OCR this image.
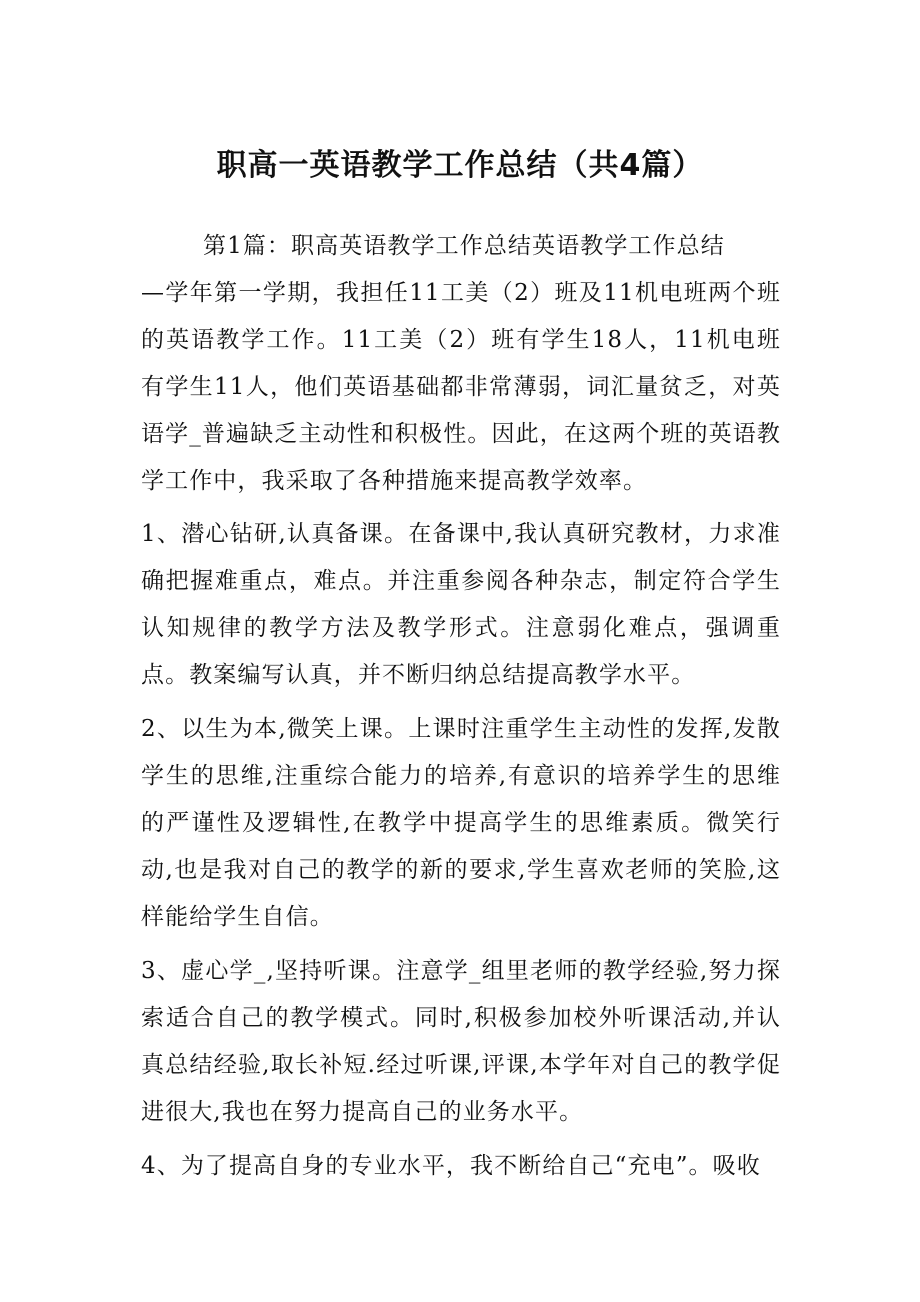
职高一英语教学工作总结（共4篇）

第1篇：职高英语教学工作总结英语教学工作总结

—学年第一学期，我担任11工美（2）班及11机电班两个班的英语教学工作。11工美（2）班有学生18人，11机电班有学生11人，他们英语基础都非常薄弱，词汇量贫乏，对英语学_普遍缺乏主动性和积极性。因此，在这两个班的英语教学工作中，我采取了各种措施来提高教学效率。

1、潜心钻研,认真备课。在备课中,我认真研究教材，力求准确把握难重点，难点。并注重参阅各种杂志，制定符合学生认知规律的教学方法及教学形式。注意弱化难点，强调重点。教案编写认真，并不断归纳总结提高教学水平。

2、以生为本,微笑上课。上课时注重学生主动性的发挥,发散学生的思维,注重综合能力的培养,有意识的培养学生的思维的严谨性及逻辑性,在教学中提高学生的思维素质。微笑行动,也是我对自己的教学的新的要求,学生喜欢老师的笑脸,这样能给学生自信。

3、虚心学_,坚持听课。注意学_组里老师的教学经验,努力探索适合自己的教学模式。同时,积极参加校外听课活动,并认真总结经验,取长补短.经过听课,评课,本学年对自己的教学促进很大,我也在努力提高自己的业务水平。

4、为了提高自身的专业水平，我不断给自己“充电”。吸收
